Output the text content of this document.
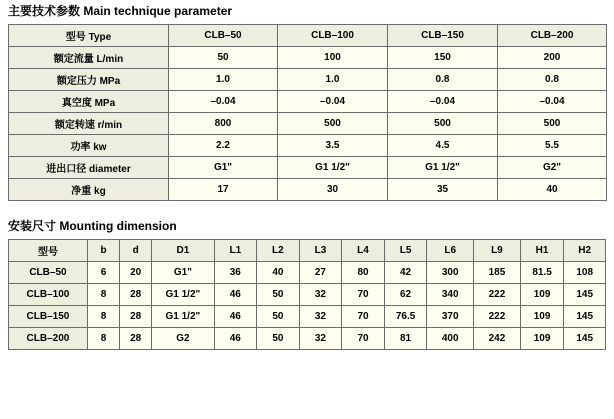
主要技术参数 Main technique parameter
型号 Type	CLB–50	CLB–100	CLB–150	CLB–200
额定流量 L/min	50	100	150	200
额定压力 MPa	1.0	1.0	0.8	0.8
真空度 MPa	–0.04	–0.04	–0.04	–0.04
额定转速 r/min	800	500	500	500
功率 kw	2.2	3.5	4.5	5.5
进出口径 diameter	G1"	G1 1/2"	G1 1/2"	G2"
净重 kg	17	30	35	40
安装尺寸 Mounting dimension
型号	b	d	D1	L1	L2	L3	L4	L5	L6	L9	H1	H2
CLB–50	6	20	G1"	36	40	27	80	42	300	185	81.5	108
CLB–100	8	28	G1 1/2"	46	50	32	70	62	340	222	109	145
CLB–150	8	28	G1 1/2"	46	50	32	70	76.5	370	222	109	145
CLB–200	8	28	G2	46	50	32	70	81	400	242	109	145
